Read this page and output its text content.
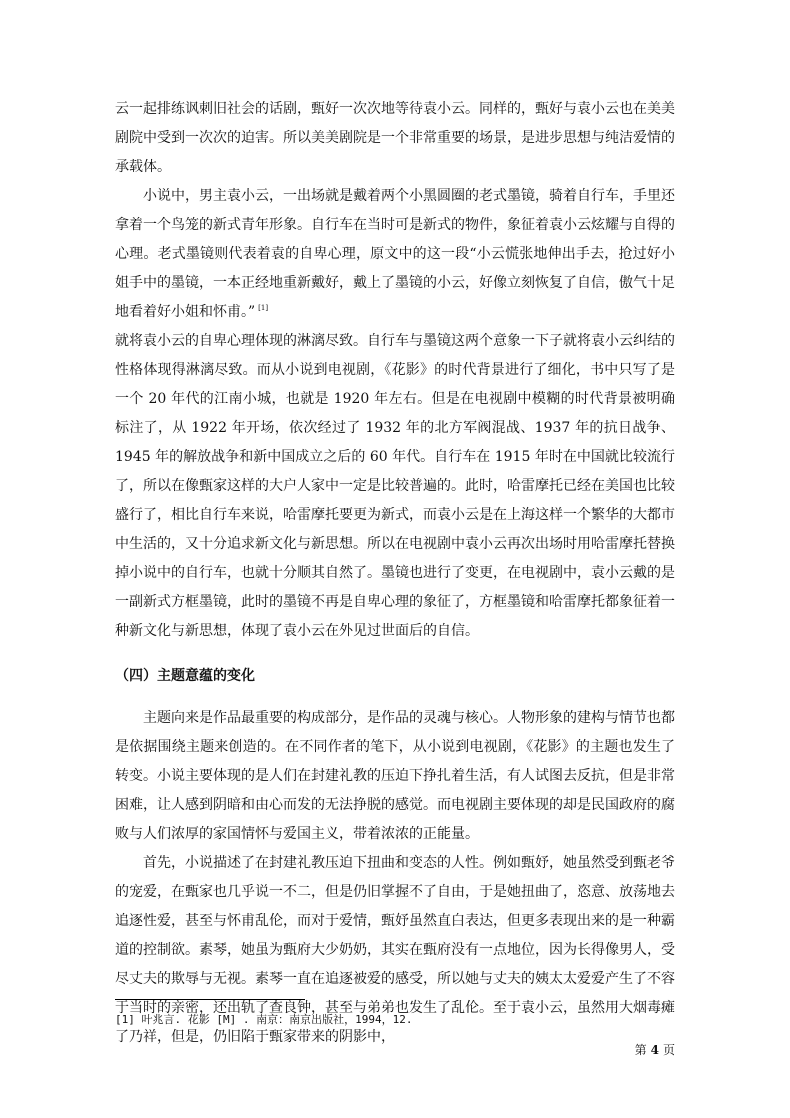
云一起排练讽刺旧社会的话剧，甄好一次次地等待袁小云。同样的，甄好与袁小云也在美美剧院中受到一次次的迫害。所以美美剧院是一个非常重要的场景，是进步思想与纯洁爱情的承载体。

小说中，男主袁小云，一出场就是戴着两个小黑圆圈的老式墨镜，骑着自行车，手里还拿着一个鸟笼的新式青年形象。自行车在当时可是新式的物件，象征着袁小云炫耀与自得的心理。老式墨镜则代表着袁的自卑心理，原文中的这一段“小云慌张地伸出手去，抢过好小姐手中的墨镜，一本正经地重新戴好，戴上了墨镜的小云，好像立刻恢复了自信，傲气十足地看着好小姐和怀甫。” [1]
就将袁小云的自卑心理体现的淋漓尽致。自行车与墨镜这两个意象一下子就将袁小云纠结的性格体现得淋漓尽致。而从小说到电视剧，《花影》的时代背景进行了细化，书中只写了是一个 20 年代的江南小城，也就是 1920 年左右。但是在电视剧中模糊的时代背景被明确标注了，从 1922 年开场，依次经过了 1932 年的北方军阀混战、1937 年的抗日战争、1945 年的解放战争和新中国成立之后的 60 年代。自行车在 1915 年时在中国就比较流行了，所以在像甄家这样的大户人家中一定是比较普遍的。此时，哈雷摩托已经在美国也比较盛行了，相比自行车来说，哈雷摩托要更为新式，而袁小云是在上海这样一个繁华的大都市中生活的，又十分追求新文化与新思想。所以在电视剧中袁小云再次出场时用哈雷摩托替换掉小说中的自行车，也就十分顺其自然了。墨镜也进行了变更，在电视剧中，袁小云戴的是一副新式方框墨镜，此时的墨镜不再是自卑心理的象征了，方框墨镜和哈雷摩托都象征着一种新文化与新思想，体现了袁小云在外见过世面后的自信。

（四）主题意蕴的变化

主题向来是作品最重要的构成部分，是作品的灵魂与核心。人物形象的建构与情节也都是依据围绕主题来创造的。在不同作者的笔下，从小说到电视剧，《花影》的主题也发生了转变。小说主要体现的是人们在封建礼教的压迫下挣扎着生活，有人试图去反抗，但是非常困难，让人感到阴暗和由心而发的无法挣脱的感觉。而电视剧主要体现的却是民国政府的腐败与人们浓厚的家国情怀与爱国主义，带着浓浓的正能量。

首先，小说描述了在封建礼教压迫下扭曲和变态的人性。例如甄妤，她虽然受到甄老爷的宠爱，在甄家也几乎说一不二，但是仍旧掌握不了自由，于是她扭曲了，恣意、放荡地去追逐性爱，甚至与怀甫乱伦，而对于爱情，甄妤虽然直白表达，但更多表现出来的是一种霸道的控制欲。素琴，她虽为甄府大少奶奶，其实在甄府没有一点地位，因为长得像男人，受尽丈夫的欺辱与无视。素琴一直在追逐被爱的感受，所以她与丈夫的姨太太爱爱产生了不容于当时的亲密，还出轨了查良钟，甚至与弟弟也发生了乱伦。至于袁小云，虽然用大烟毒瘫了乃祥，但是，仍旧陷于甄家带来的阴影中，

[1] 叶兆言. 花影 [M] . 南京：南京出版社，1994，12.
第 4 页
